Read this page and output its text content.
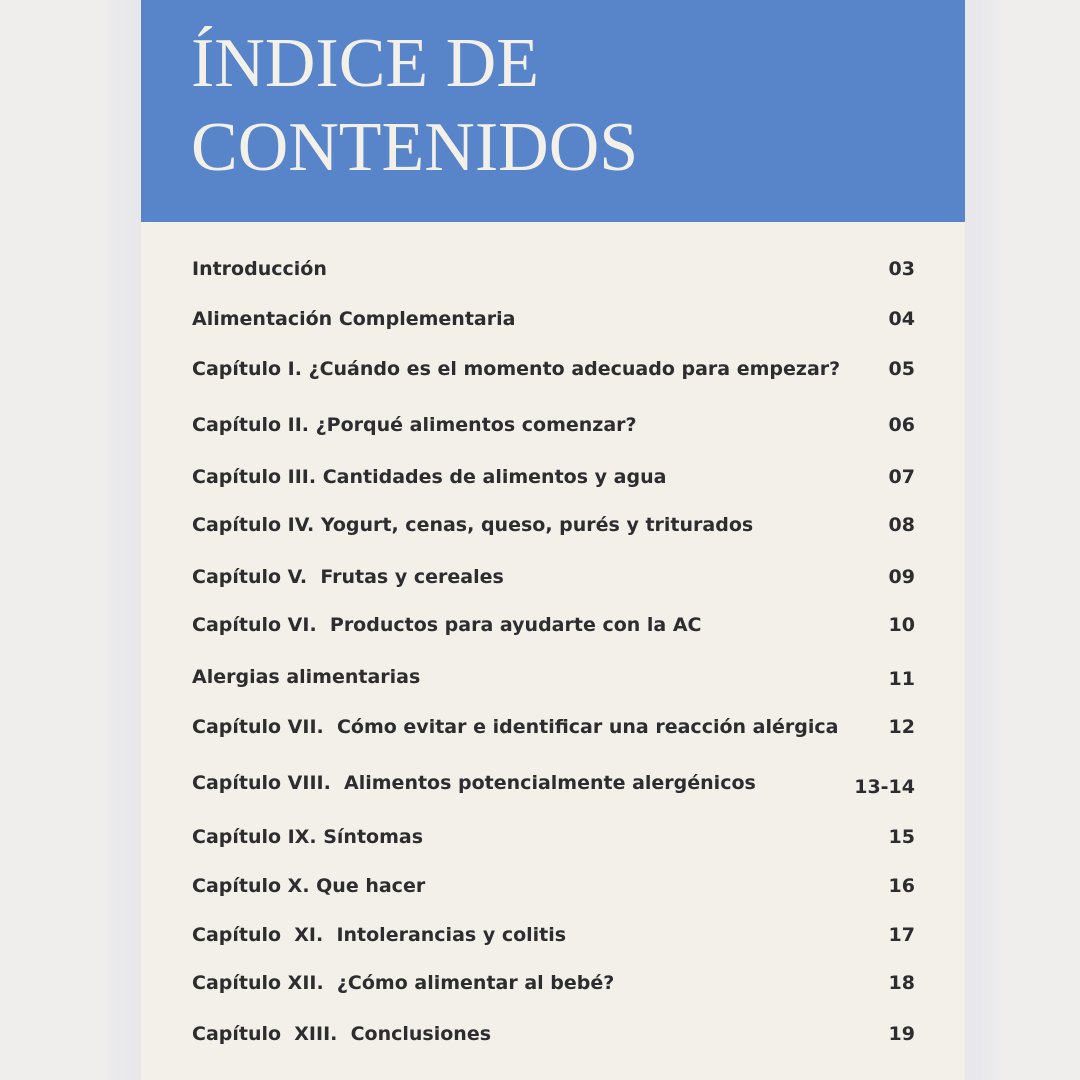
ÍNDICE DE
CONTENIDOS
Introducción	03
Alimentación Complementaria	04
Capítulo I. ¿Cuándo es el momento adecuado para empezar?	05
Capítulo II. ¿Porqué alimentos comenzar?	06
Capítulo III. Cantidades de alimentos y agua	07
Capítulo IV. Yogurt, cenas, queso, purés y triturados	08
Capítulo V.  Frutas y cereales	09
Capítulo VI.  Productos para ayudarte con la AC	10
Alergias alimentarias	11
Capítulo VII.  Cómo evitar e identificar una reacción alérgica	12
Capítulo VIII.  Alimentos potencialmente alergénicos	13-14
Capítulo IX. Síntomas	15
Capítulo X. Que hacer	16
Capítulo  XI.  Intolerancias y colitis	17
Capítulo XII.  ¿Cómo alimentar al bebé?	18
Capítulo  XIII.  Conclusiones	19
